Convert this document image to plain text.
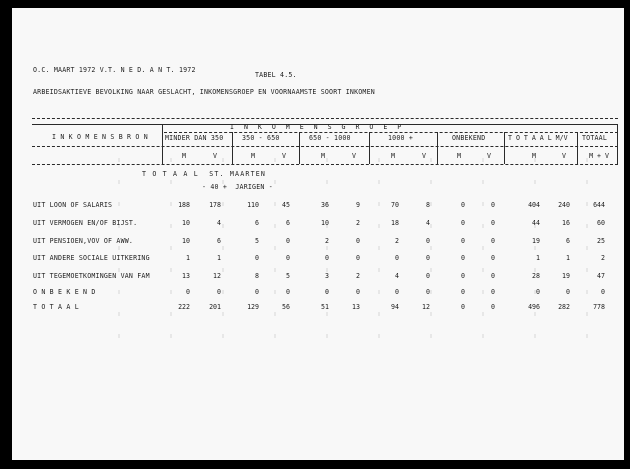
O.C. MAART 1972 V.T. N E D. A N T. 1972
TABEL 4.5.
ARBEIDSAKTIEVE BEVOLKING NAAR GESLACHT, INKOMENSGROEP EN VOORNAAMSTE SOORT INKOMEN
I N K O M E N S B R O N
I N K O M E N S G R O E P
MINDER DAN 350	350 - 650	650 - 1000	1000 +	ONBEKEND	T O T A A L M/V TOTAAL
M	V	M	V	M	V	M	V	M	V	M	V	M + V
T O T A A L  ST. MAARTEN
- 40 +  JARIGEN -
UIT LOON OF SALARIS	188	178	110	45	36	9	70	8	0	0	404	240	644
UIT VERMOGEN EN/OF BIJST.	10	4	6	6	10	2	18	4	0	0	44	16	60
UIT PENSIOEN,VOV OF AWW.	10	6	5	0	2	0	2	0	0	0	19	6	25
UIT ANDERE SOCIALE UITKERING	1	1	0	0	0	0	0	0	0	0	1	1	2
UIT TEGEMOETKOMINGEN VAN FAM	13	12	8	5	3	2	4	0	0	0	28	19	47
O N B E K E N D	0	0	0	0	0	0	0	0	0	0	0	0	0
T O T A A L	222	201	129	56	51	13	94	12	0	0	496	282	778
